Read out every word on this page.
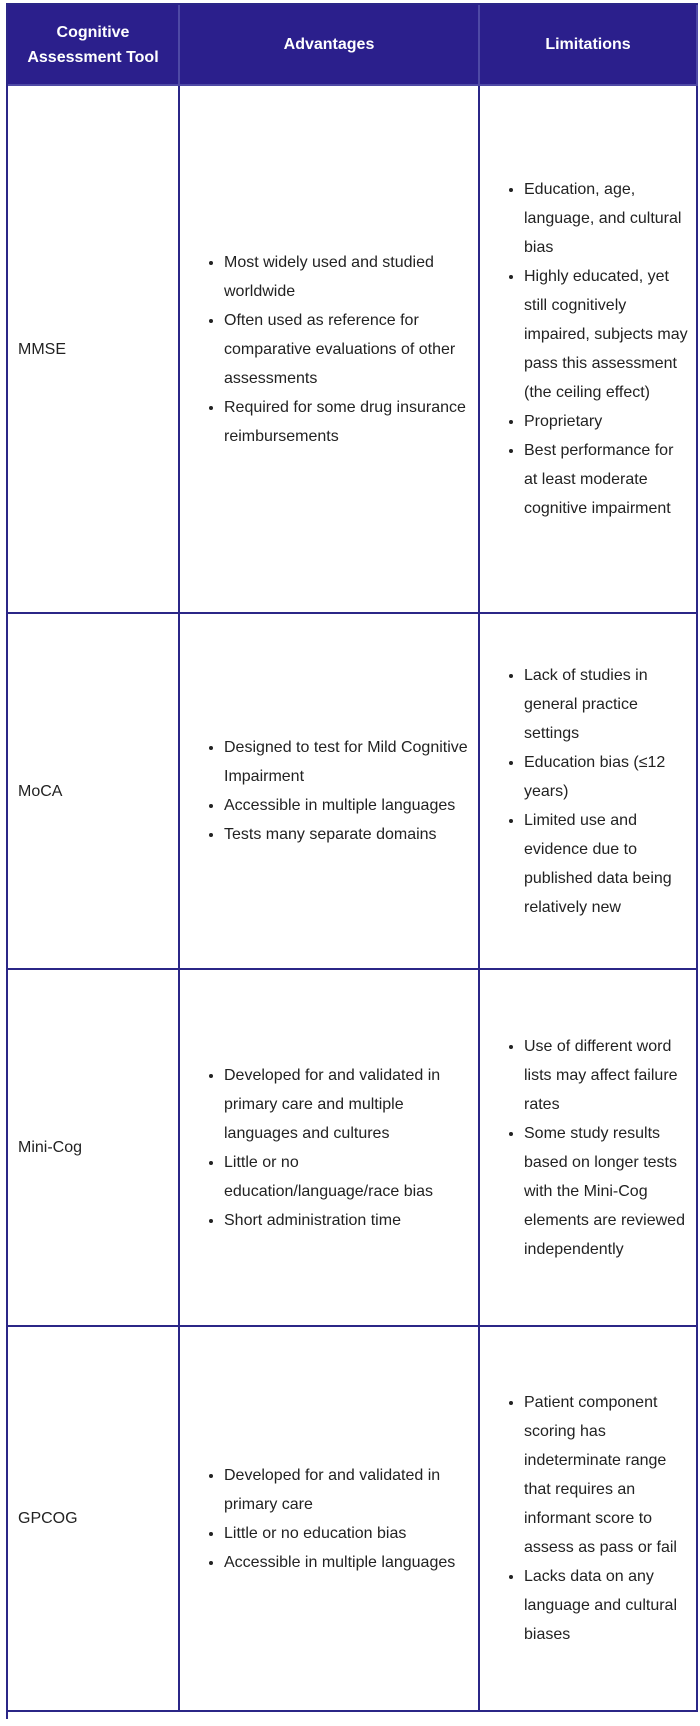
Cognitive Assessment Tool
Advantages	Limitations
MMSE
• Most widely used and studied worldwide
• Often used as reference for comparative evaluations of other assessments
• Required for some drug insurance reimbursements
• Education, age, language, and cultural bias
• Highly educated, yet still cognitively impaired, subjects may pass this assessment (the ceiling effect)
• Proprietary
• Best performance for at least moderate cognitive impairment
MoCA
• Designed to test for Mild Cognitive Impairment
• Accessible in multiple languages
• Tests many separate domains
• Lack of studies in general practice settings
• Education bias (≤12 years)
• Limited use and evidence due to published data being relatively new
Mini-Cog
• Developed for and validated in primary care and multiple languages and cultures
• Little or no education/language/race bias
• Short administration time
• Use of different word lists may affect failure rates
• Some study results based on longer tests with the Mini-Cog elements are reviewed independently
GPCOG
• Developed for and validated in primary care
• Little or no education bias
• Accessible in multiple languages
• Patient component scoring has indeterminate range that requires an informant score to assess as pass or fail
• Lacks data on any language and cultural biases
